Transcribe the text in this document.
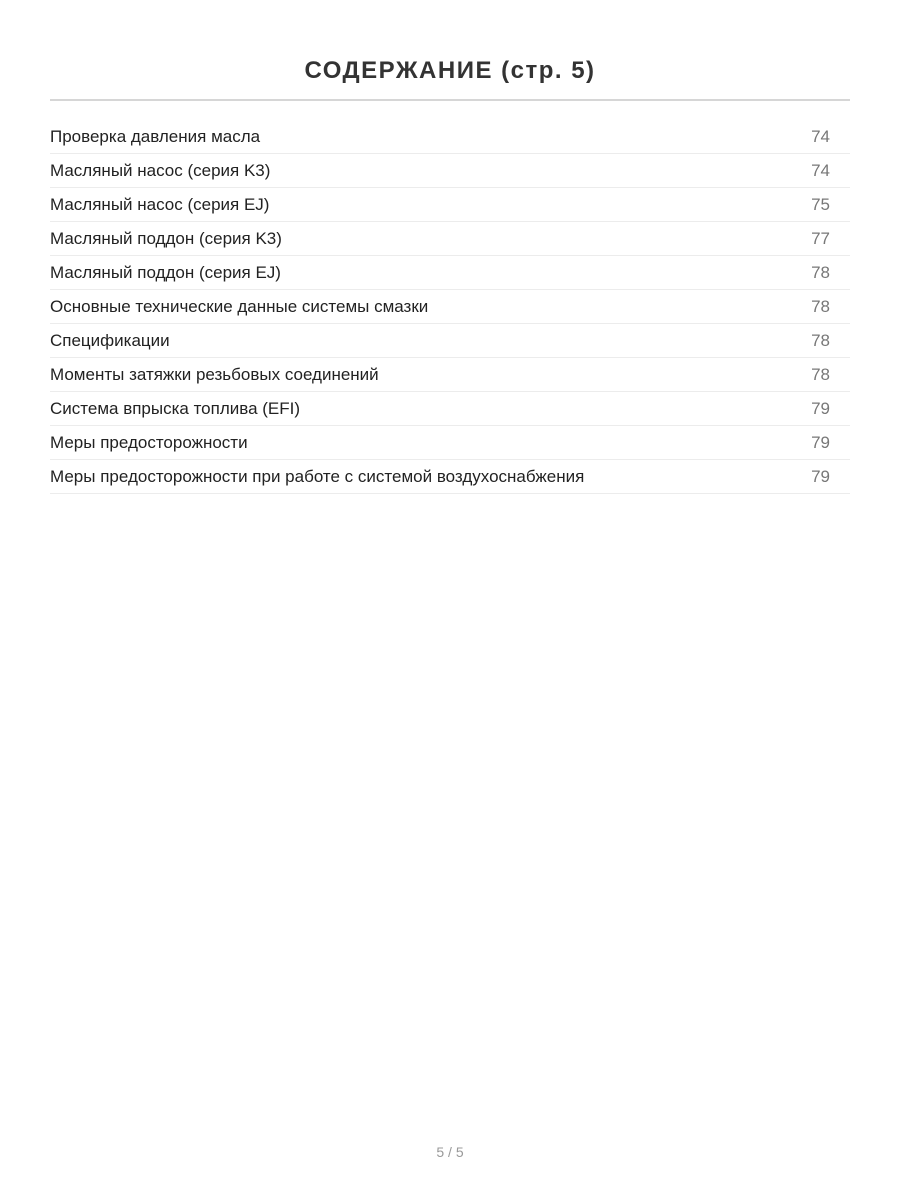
СОДЕРЖАНИЕ (стр. 5)
Проверка давления масла	74
Масляный насос (серия K3)	74
Масляный насос (серия EJ)	75
Масляный поддон (серия K3)	77
Масляный поддон (серия EJ)	78
Основные технические данные системы смазки	78
Спецификации	78
Моменты затяжки резьбовых соединений	78
Система впрыска топлива (EFI)	79
Меры предосторожности	79
Меры предосторожности при работе с системой воздухоснабжения	79
5 / 5
